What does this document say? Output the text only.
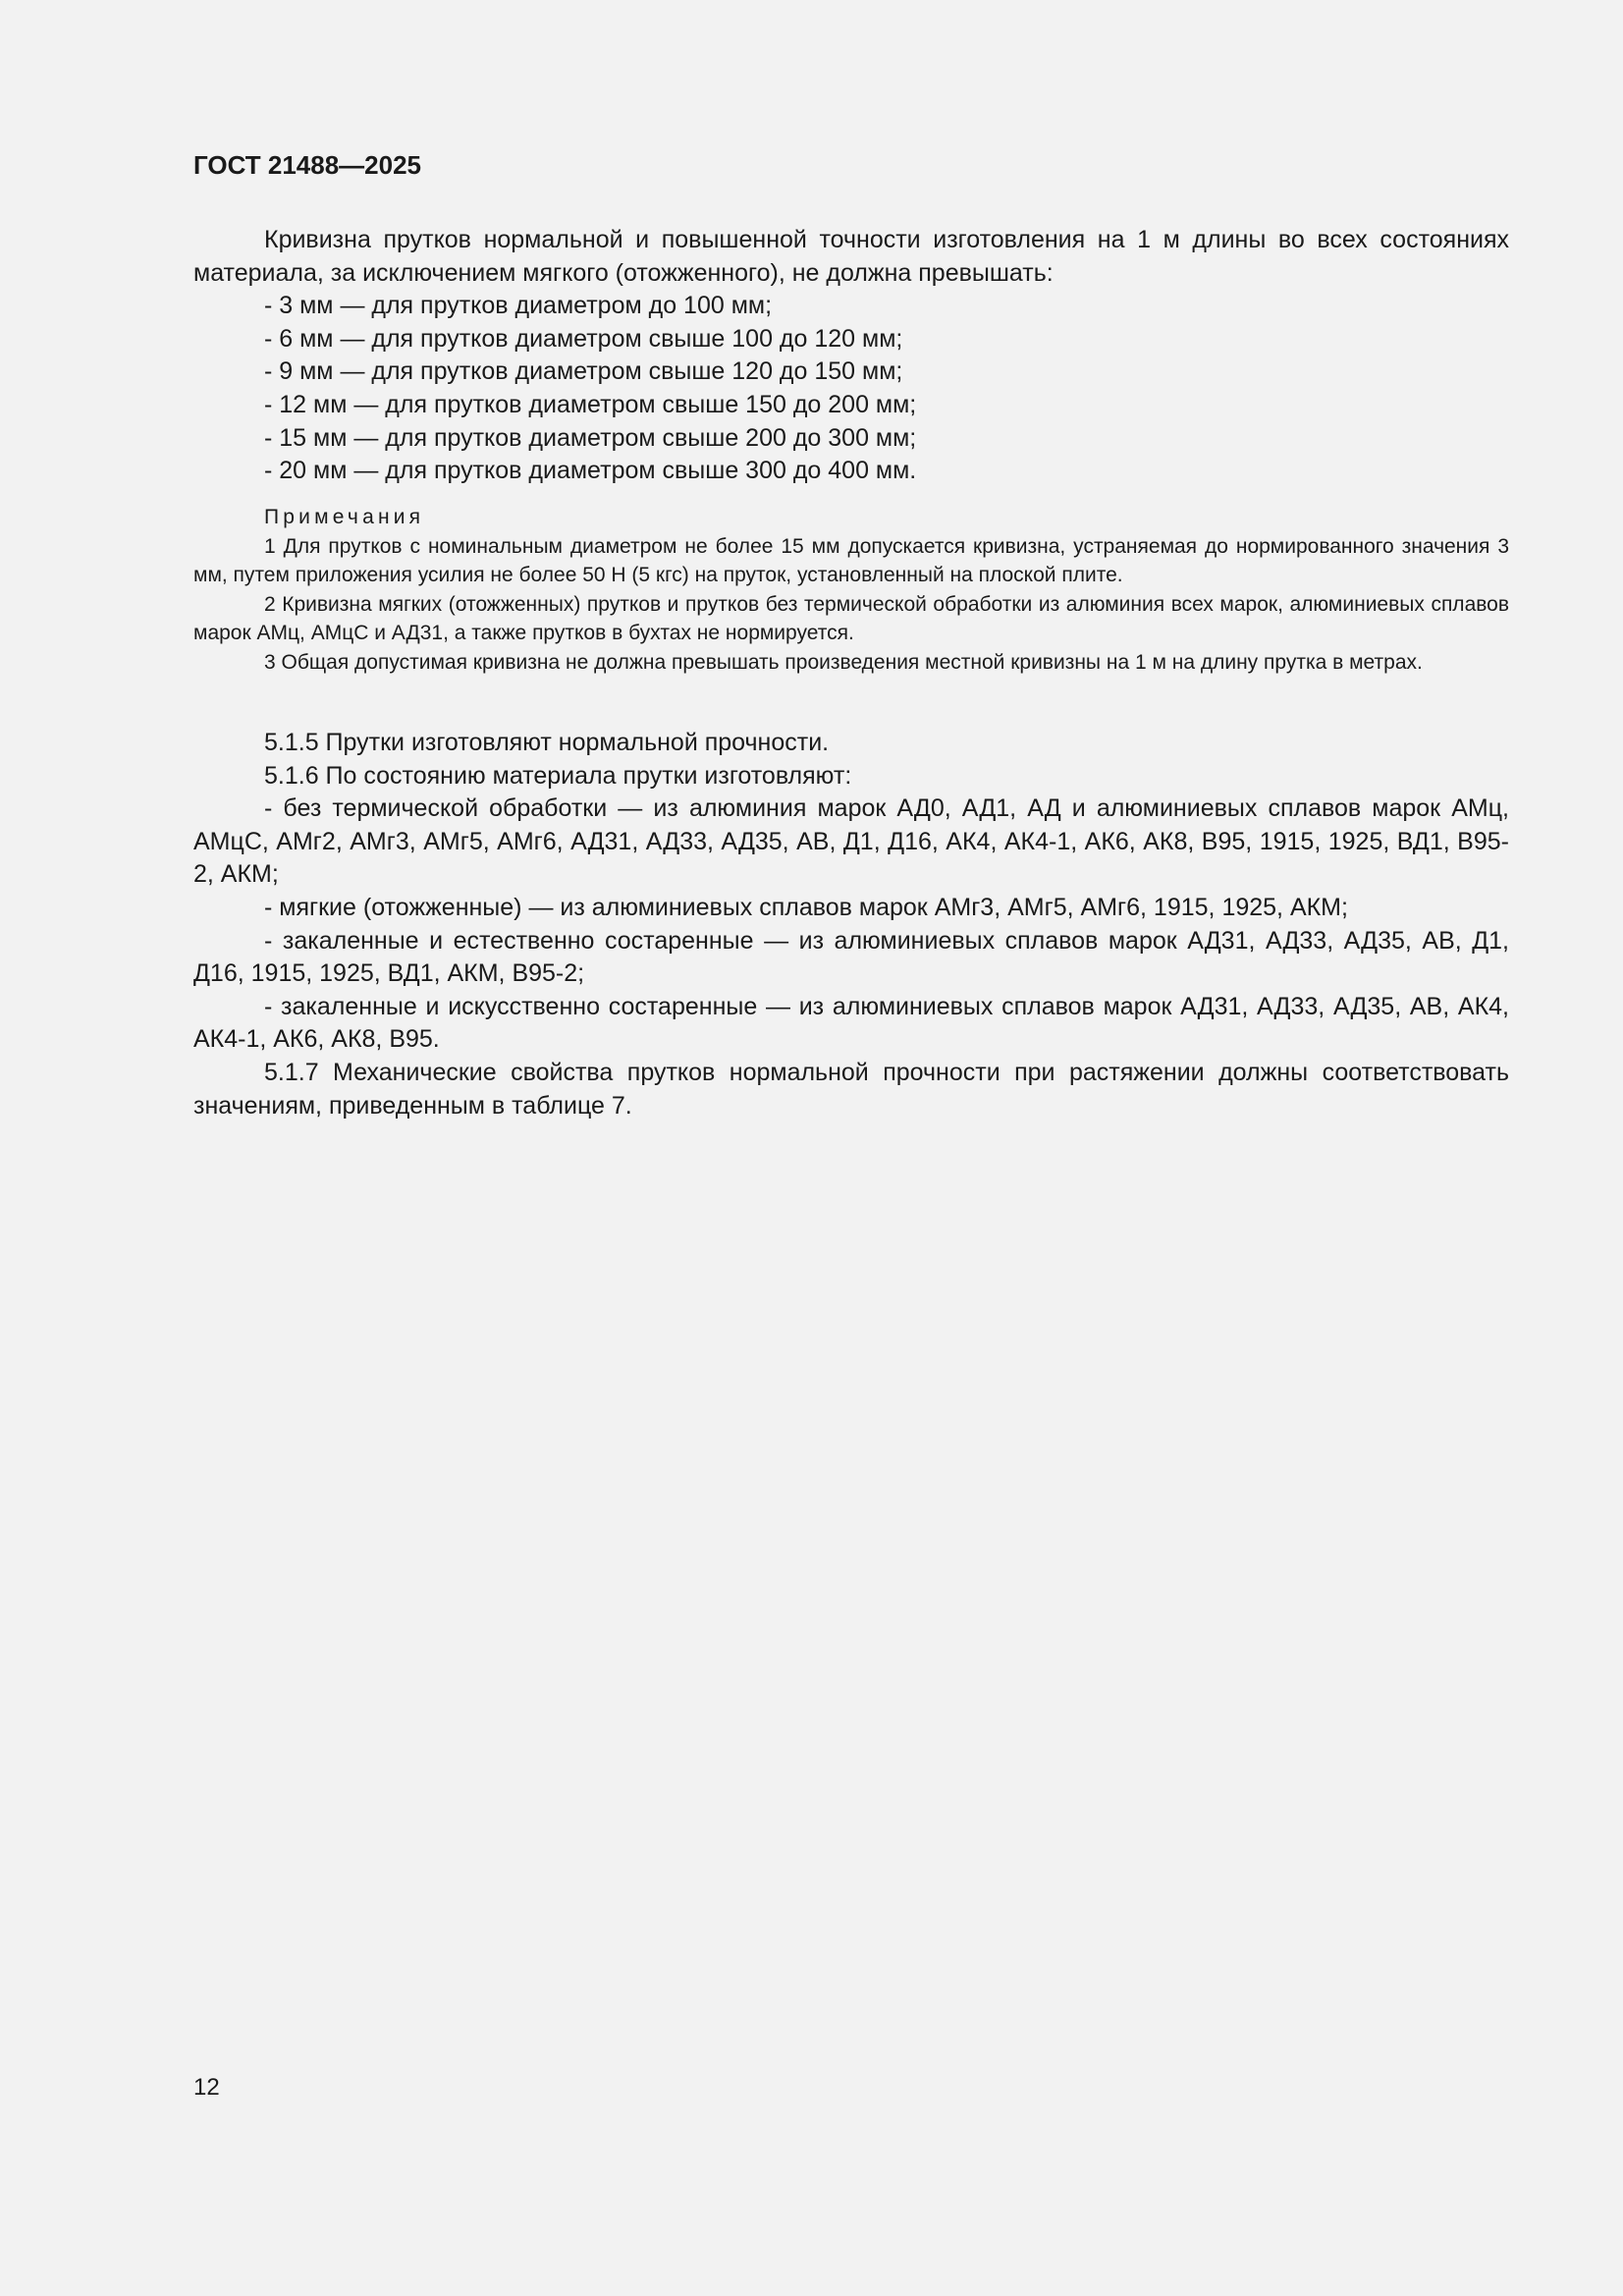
ГОСТ 21488—2025

Кривизна прутков нормальной и повышенной точности изготовления на 1 м длины во всех состояниях материала, за исключением мягкого (отожженного), не должна превышать:

- 3 мм — для прутков диаметром до 100 мм;

- 6 мм — для прутков диаметром свыше 100 до 120 мм;

- 9 мм — для прутков диаметром свыше 120 до 150 мм;

- 12 мм — для прутков диаметром свыше 150 до 200 мм;

- 15 мм — для прутков диаметром свыше 200 до 300 мм;

- 20 мм — для прутков диаметром свыше 300 до 400 мм.

Примечания

1 Для прутков с номинальным диаметром не более 15 мм допускается кривизна, устраняемая до нормированного значения 3 мм, путем приложения усилия не более 50 Н (5 кгс) на пруток, установленный на плоской плите.

2 Кривизна мягких (отожженных) прутков и прутков без термической обработки из алюминия всех марок, алюминиевых сплавов марок АМц, АМцС и АД31, а также прутков в бухтах не нормируется.

3 Общая допустимая кривизна не должна превышать произведения местной кривизны на 1 м на длину прутка в метрах.

5.1.5 Прутки изготовляют нормальной прочности.

5.1.6 По состоянию материала прутки изготовляют:

- без термической обработки — из алюминия марок АД0, АД1, АД и алюминиевых сплавов марок АМц, АМцС, АМг2, АМг3, АМг5, АМг6, АД31, АД33, АД35, АВ, Д1, Д16, АК4, АК4-1, АК6, АК8, В95, 1915, 1925, ВД1, В95-2, АКМ;

- мягкие (отожженные) — из алюминиевых сплавов марок АМг3, АМг5, АМг6, 1915, 1925, АКМ;

- закаленные и естественно состаренные — из алюминиевых сплавов марок АД31, АД33, АД35, АВ, Д1, Д16, 1915, 1925, ВД1, АКМ, В95-2;

- закаленные и искусственно состаренные — из алюминиевых сплавов марок АД31, АД33, АД35, АВ, АК4, АК4-1, АК6, АК8, В95.

5.1.7 Механические свойства прутков нормальной прочности при растяжении должны соответствовать значениям, приведенным в таблице 7.

12
